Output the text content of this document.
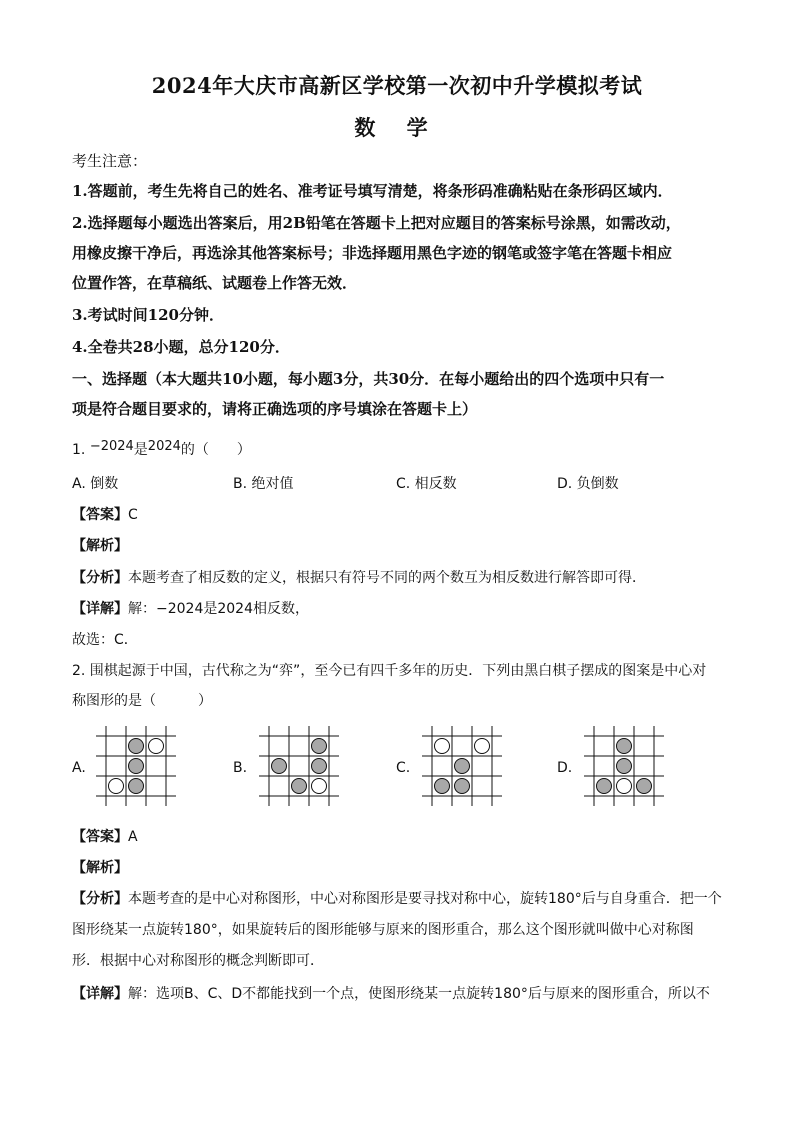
2024年大庆市高新区学校第一次初中升学模拟考试
数 学
考生注意：
1.答题前，考生先将自己的姓名、准考证号填写清楚，将条形码准确粘贴在条形码区域内．
2.选择题每小题选出答案后，用2B铅笔在答题卡上把对应题目的答案标号涂黑，如需改动，
用橡皮擦干净后，再选涂其他答案标号；非选择题用黑色字迹的钢笔或签字笔在答题卡相应
位置作答，在草稿纸、试题卷上作答无效．
3.考试时间120分钟．
4.全卷共28小题，总分120分．
一、选择题（本大题共10小题，每小题3分，共30分．在每小题给出的四个选项中只有一
项是符合题目要求的，请将正确选项的序号填涂在答题卡上）
1. −2024是2024的（　　）
A. 倒数	B. 绝对值	C. 相反数	D. 负倒数
【答案】C
【解析】
【分析】本题考查了相反数的定义，根据只有符号不同的两个数互为相反数进行解答即可得．
【详解】解：−2024是2024相反数，
故选：C．
2. 围棋起源于中国，古代称之为“弈”，至今已有四千多年的历史．下列由黑白棋子摆成的图案是中心对
称图形的是（　　　）
A.	B.	C.	D.
【答案】A
【解析】
【分析】本题考查的是中心对称图形，中心对称图形是要寻找对称中心，旋转180°后与自身重合．把一个
图形绕某一点旋转180°，如果旋转后的图形能够与原来的图形重合，那么这个图形就叫做中心对称图
形．根据中心对称图形的概念判断即可．
【详解】解：选项B、C、D不都能找到一个点，使图形绕某一点旋转180°后与原来的图形重合，所以不
